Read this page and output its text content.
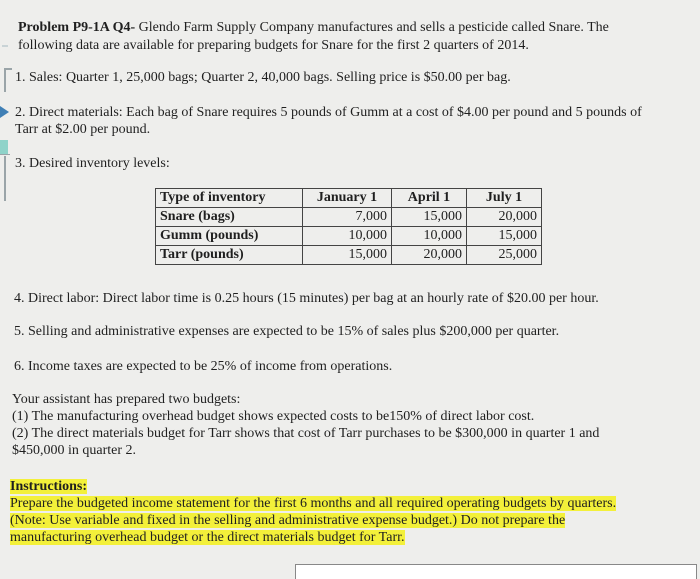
Problem P9-1A Q4- Glendo Farm Supply Company manufactures and sells a pesticide called Snare. The
following data are available for preparing budgets for Snare for the first 2 quarters of 2014.
1. Sales: Quarter 1, 25,000 bags; Quarter 2, 40,000 bags. Selling price is $50.00 per bag.
2. Direct materials: Each bag of Snare requires 5 pounds of Gumm at a cost of $4.00 per pound and 5 pounds of
Tarr at $2.00 per pound.
3. Desired inventory levels:
Type of inventory	January 1	April 1	July 1
Snare (bags)	7,000	15,000	20,000
Gumm (pounds)	10,000	10,000	15,000
Tarr (pounds)	15,000	20,000	25,000
4. Direct labor: Direct labor time is 0.25 hours (15 minutes) per bag at an hourly rate of $20.00 per hour.
5. Selling and administrative expenses are expected to be 15% of sales plus $200,000 per quarter.
6. Income taxes are expected to be 25% of income from operations.
Your assistant has prepared two budgets:
(1) The manufacturing overhead budget shows expected costs to be150% of direct labor cost.
(2) The direct materials budget for Tarr shows that cost of Tarr purchases to be $300,000 in quarter 1 and
$450,000 in quarter 2.
Instructions:
Prepare the budgeted income statement for the first 6 months and all required operating budgets by quarters.
(Note: Use variable and fixed in the selling and administrative expense budget.) Do not prepare the
manufacturing overhead budget or the direct materials budget for Tarr.
